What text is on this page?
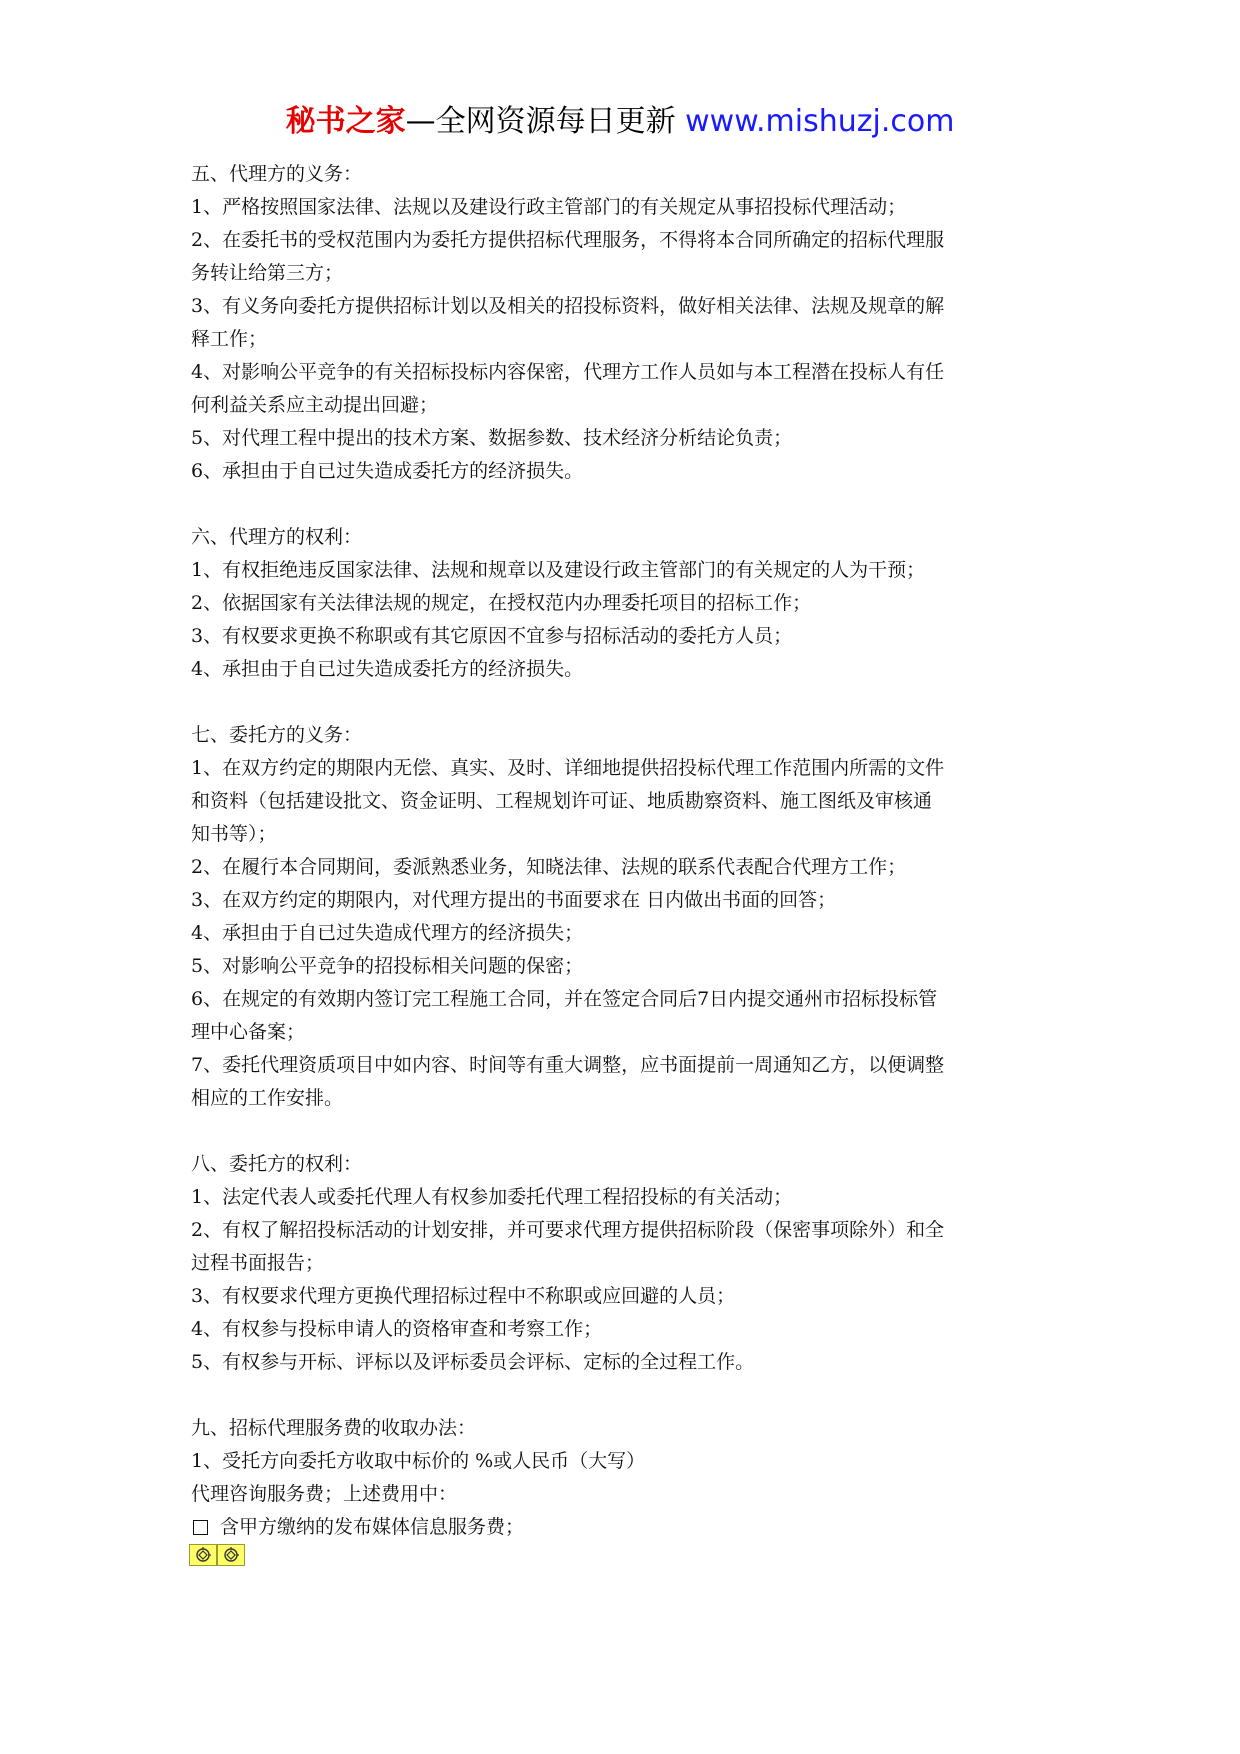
秘书之家—全网资源每日更新 www.mishuzj.com
五、代理方的义务：
1、严格按照国家法律、法规以及建设行政主管部门的有关规定从事招投标代理活动；
2、在委托书的受权范围内为委托方提供招标代理服务，不得将本合同所确定的招标代理服
务转让给第三方；
3、有义务向委托方提供招标计划以及相关的招投标资料，做好相关法律、法规及规章的解
释工作；
4、对影响公平竞争的有关招标投标内容保密，代理方工作人员如与本工程潜在投标人有任
何利益关系应主动提出回避；
5、对代理工程中提出的技术方案、数据参数、技术经济分析结论负责；
6、承担由于自已过失造成委托方的经济损失。
六、代理方的权利：
1、有权拒绝违反国家法律、法规和规章以及建设行政主管部门的有关规定的人为干预；
2、依据国家有关法律法规的规定，在授权范内办理委托项目的招标工作；
3、有权要求更换不称职或有其它原因不宜参与招标活动的委托方人员；
4、承担由于自已过失造成委托方的经济损失。
七、委托方的义务：
1、在双方约定的期限内无偿、真实、及时、详细地提供招投标代理工作范围内所需的文件
和资料（包括建设批文、资金证明、工程规划许可证、地质勘察资料、施工图纸及审核通
知书等）；
2、在履行本合同期间，委派熟悉业务，知晓法律、法规的联系代表配合代理方工作；
3、在双方约定的期限内，对代理方提出的书面要求在 日内做出书面的回答；
4、承担由于自已过失造成代理方的经济损失；
5、对影响公平竞争的招投标相关问题的保密；
6、在规定的有效期内签订完工程施工合同，并在签定合同后7日内提交通州市招标投标管
理中心备案；
7、委托代理资质项目中如内容、时间等有重大调整，应书面提前一周通知乙方，以便调整
相应的工作安排。
八、委托方的权利：
1、法定代表人或委托代理人有权参加委托代理工程招投标的有关活动；
2、有权了解招投标活动的计划安排，并可要求代理方提供招标阶段（保密事项除外）和全
过程书面报告；
3、有权要求代理方更换代理招标过程中不称职或应回避的人员；
4、有权参与投标申请人的资格审查和考察工作；
5、有权参与开标、评标以及评标委员会评标、定标的全过程工作。
九、招标代理服务费的收取办法：
1、受托方向委托方收取中标价的 %或人民币（大写）
代理咨询服务费；上述费用中：
含甲方缴纳的发布媒体信息服务费；
